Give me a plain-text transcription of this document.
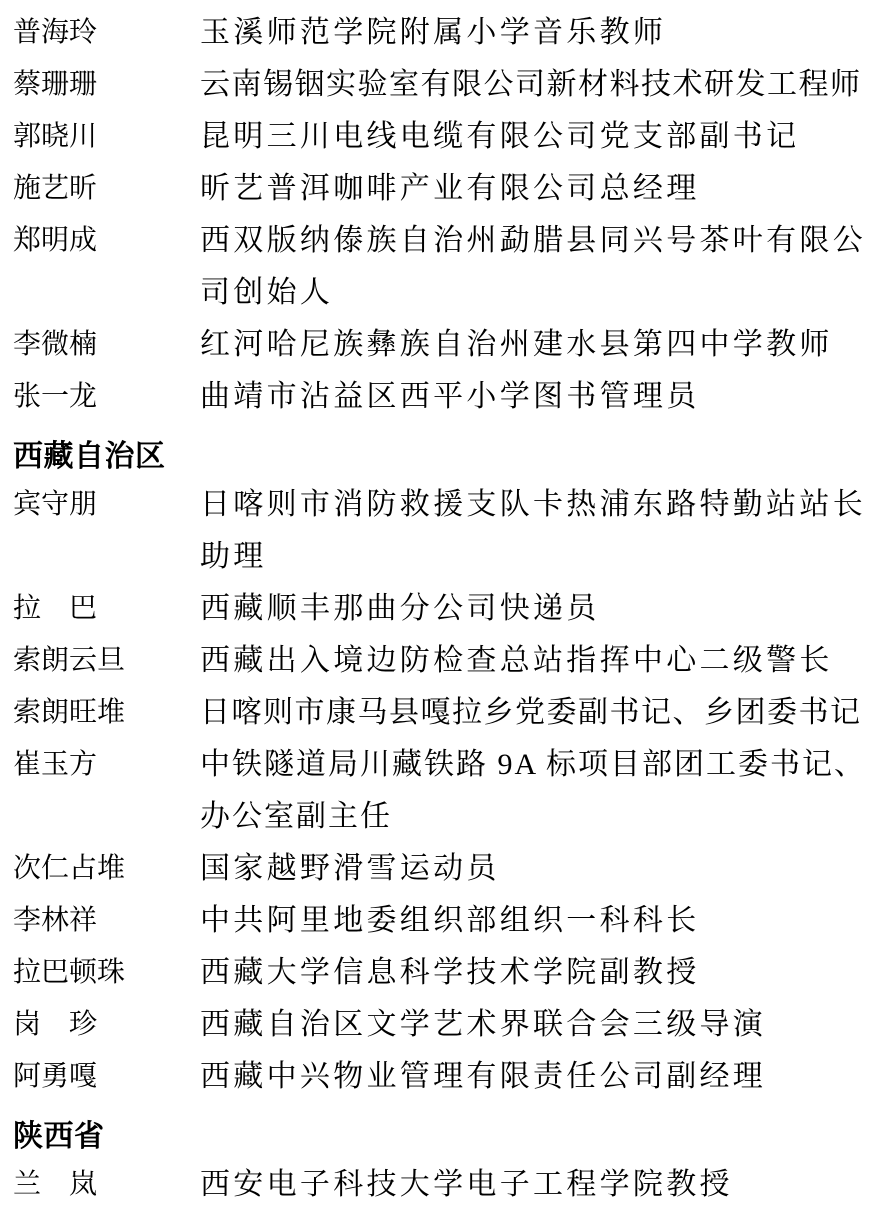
普海玲	玉溪师范学院附属小学音乐教师
蔡珊珊	云南锡铟实验室有限公司新材料技术研发工程师
郭晓川	昆明三川电线电缆有限公司党支部副书记
施艺昕	昕艺普洱咖啡产业有限公司总经理
郑明成	西双版纳傣族自治州勐腊县同兴号茶叶有限公司创始人
李微楠	红河哈尼族彝族自治州建水县第四中学教师
张一龙	曲靖市沾益区西平小学图书管理员
西藏自治区
宾守朋	日喀则市消防救援支队卡热浦东路特勤站站长助理
拉　巴	西藏顺丰那曲分公司快递员
索朗云旦	西藏出入境边防检查总站指挥中心二级警长
索朗旺堆	日喀则市康马县嘎拉乡党委副书记、乡团委书记
崔玉方	中铁隧道局川藏铁路 9A 标项目部团工委书记、办公室副主任
次仁占堆	国家越野滑雪运动员
李林祥	中共阿里地委组织部组织一科科长
拉巴顿珠	西藏大学信息科学技术学院副教授
岗　珍	西藏自治区文学艺术界联合会三级导演
阿勇嘎	西藏中兴物业管理有限责任公司副经理
陕西省
兰　岚	西安电子科技大学电子工程学院教授
